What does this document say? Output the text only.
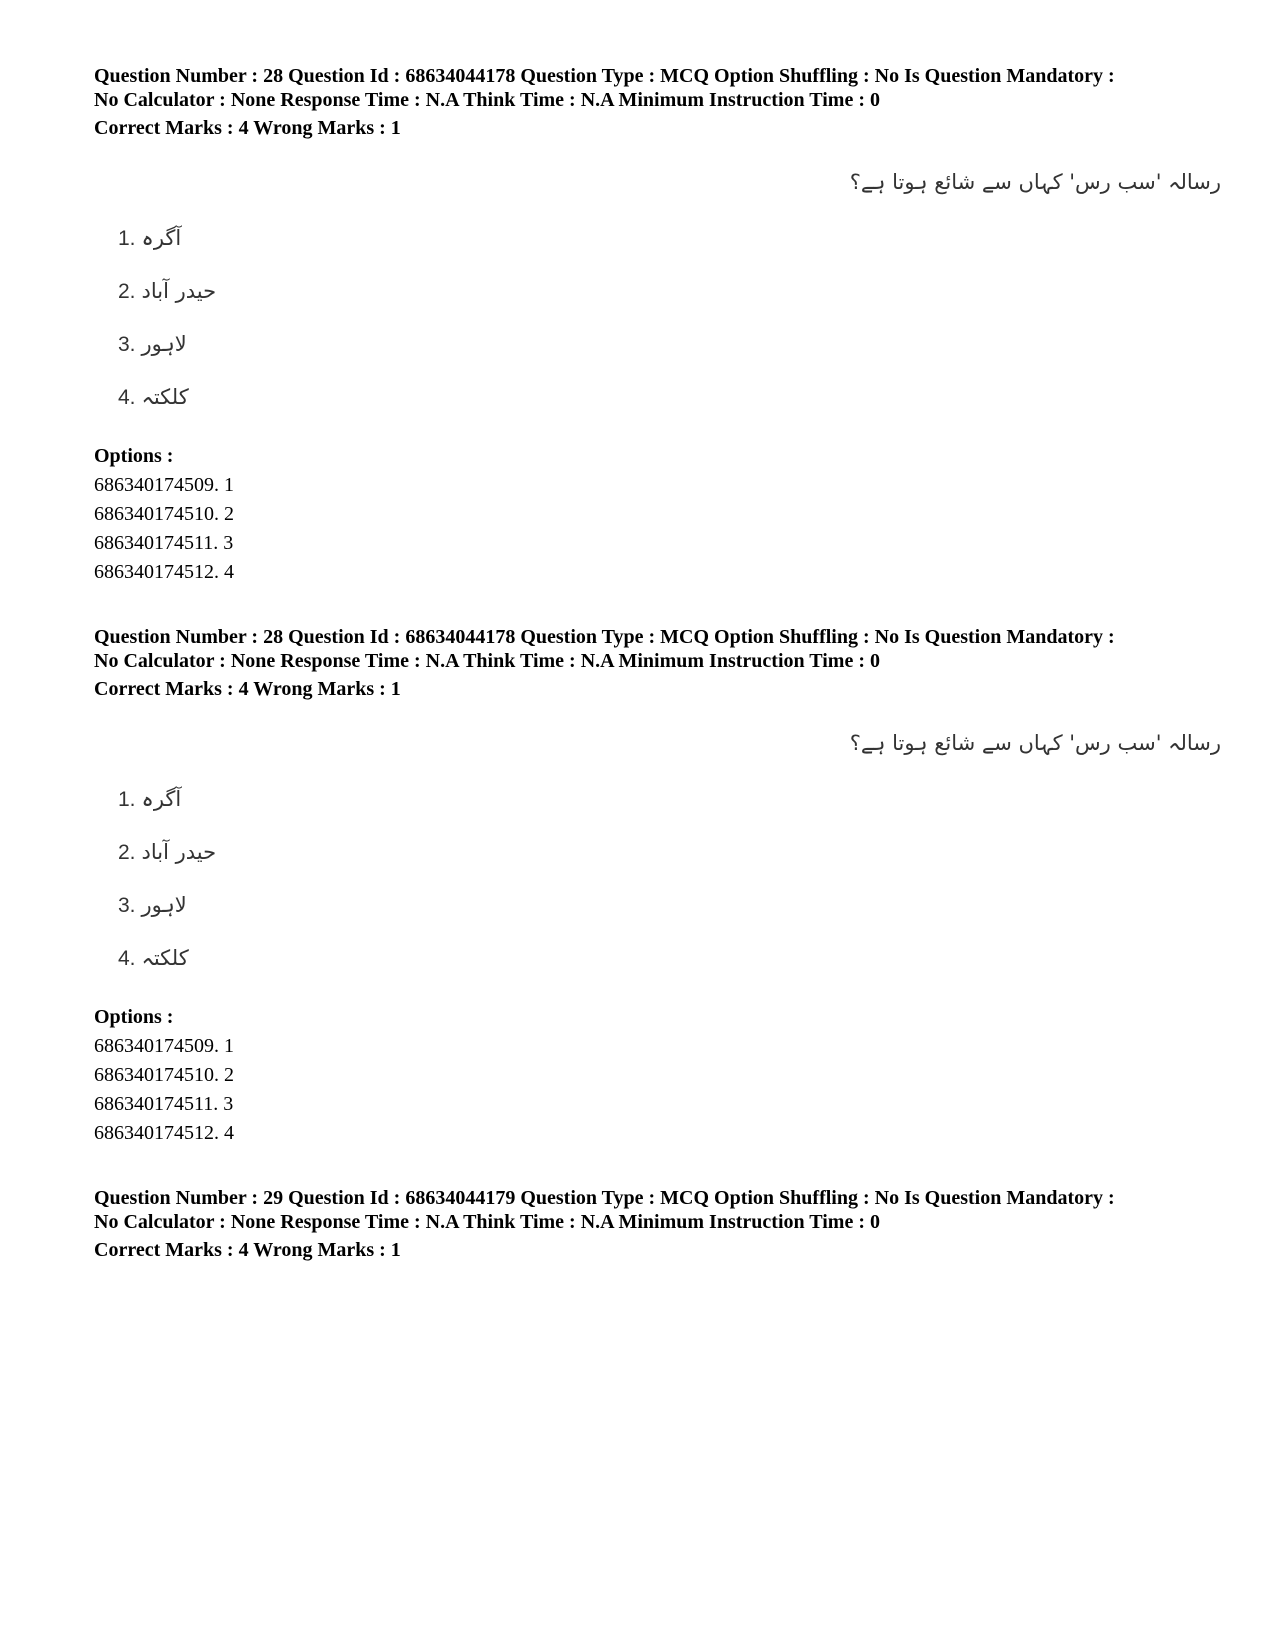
Question Number : 28 Question Id : 68634044178 Question Type : MCQ Option Shuffling : No Is Question Mandatory :
No Calculator : None Response Time : N.A Think Time : N.A Minimum Instruction Time : 0
Correct Marks : 4 Wrong Marks : 1
رسالہ 'سب رس' کہاں سے شائع ہوتا ہے؟
1. آگرہ
2. حیدر آباد
3. لاہور
4. کلکتہ
Options :
686340174509. 1
686340174510. 2
686340174511. 3
686340174512. 4
Question Number : 28 Question Id : 68634044178 Question Type : MCQ Option Shuffling : No Is Question Mandatory :
No Calculator : None Response Time : N.A Think Time : N.A Minimum Instruction Time : 0
Correct Marks : 4 Wrong Marks : 1
رسالہ 'سب رس' کہاں سے شائع ہوتا ہے؟
1. آگرہ
2. حیدر آباد
3. لاہور
4. کلکتہ
Options :
686340174509. 1
686340174510. 2
686340174511. 3
686340174512. 4
Question Number : 29 Question Id : 68634044179 Question Type : MCQ Option Shuffling : No Is Question Mandatory :
No Calculator : None Response Time : N.A Think Time : N.A Minimum Instruction Time : 0
Correct Marks : 4 Wrong Marks : 1
